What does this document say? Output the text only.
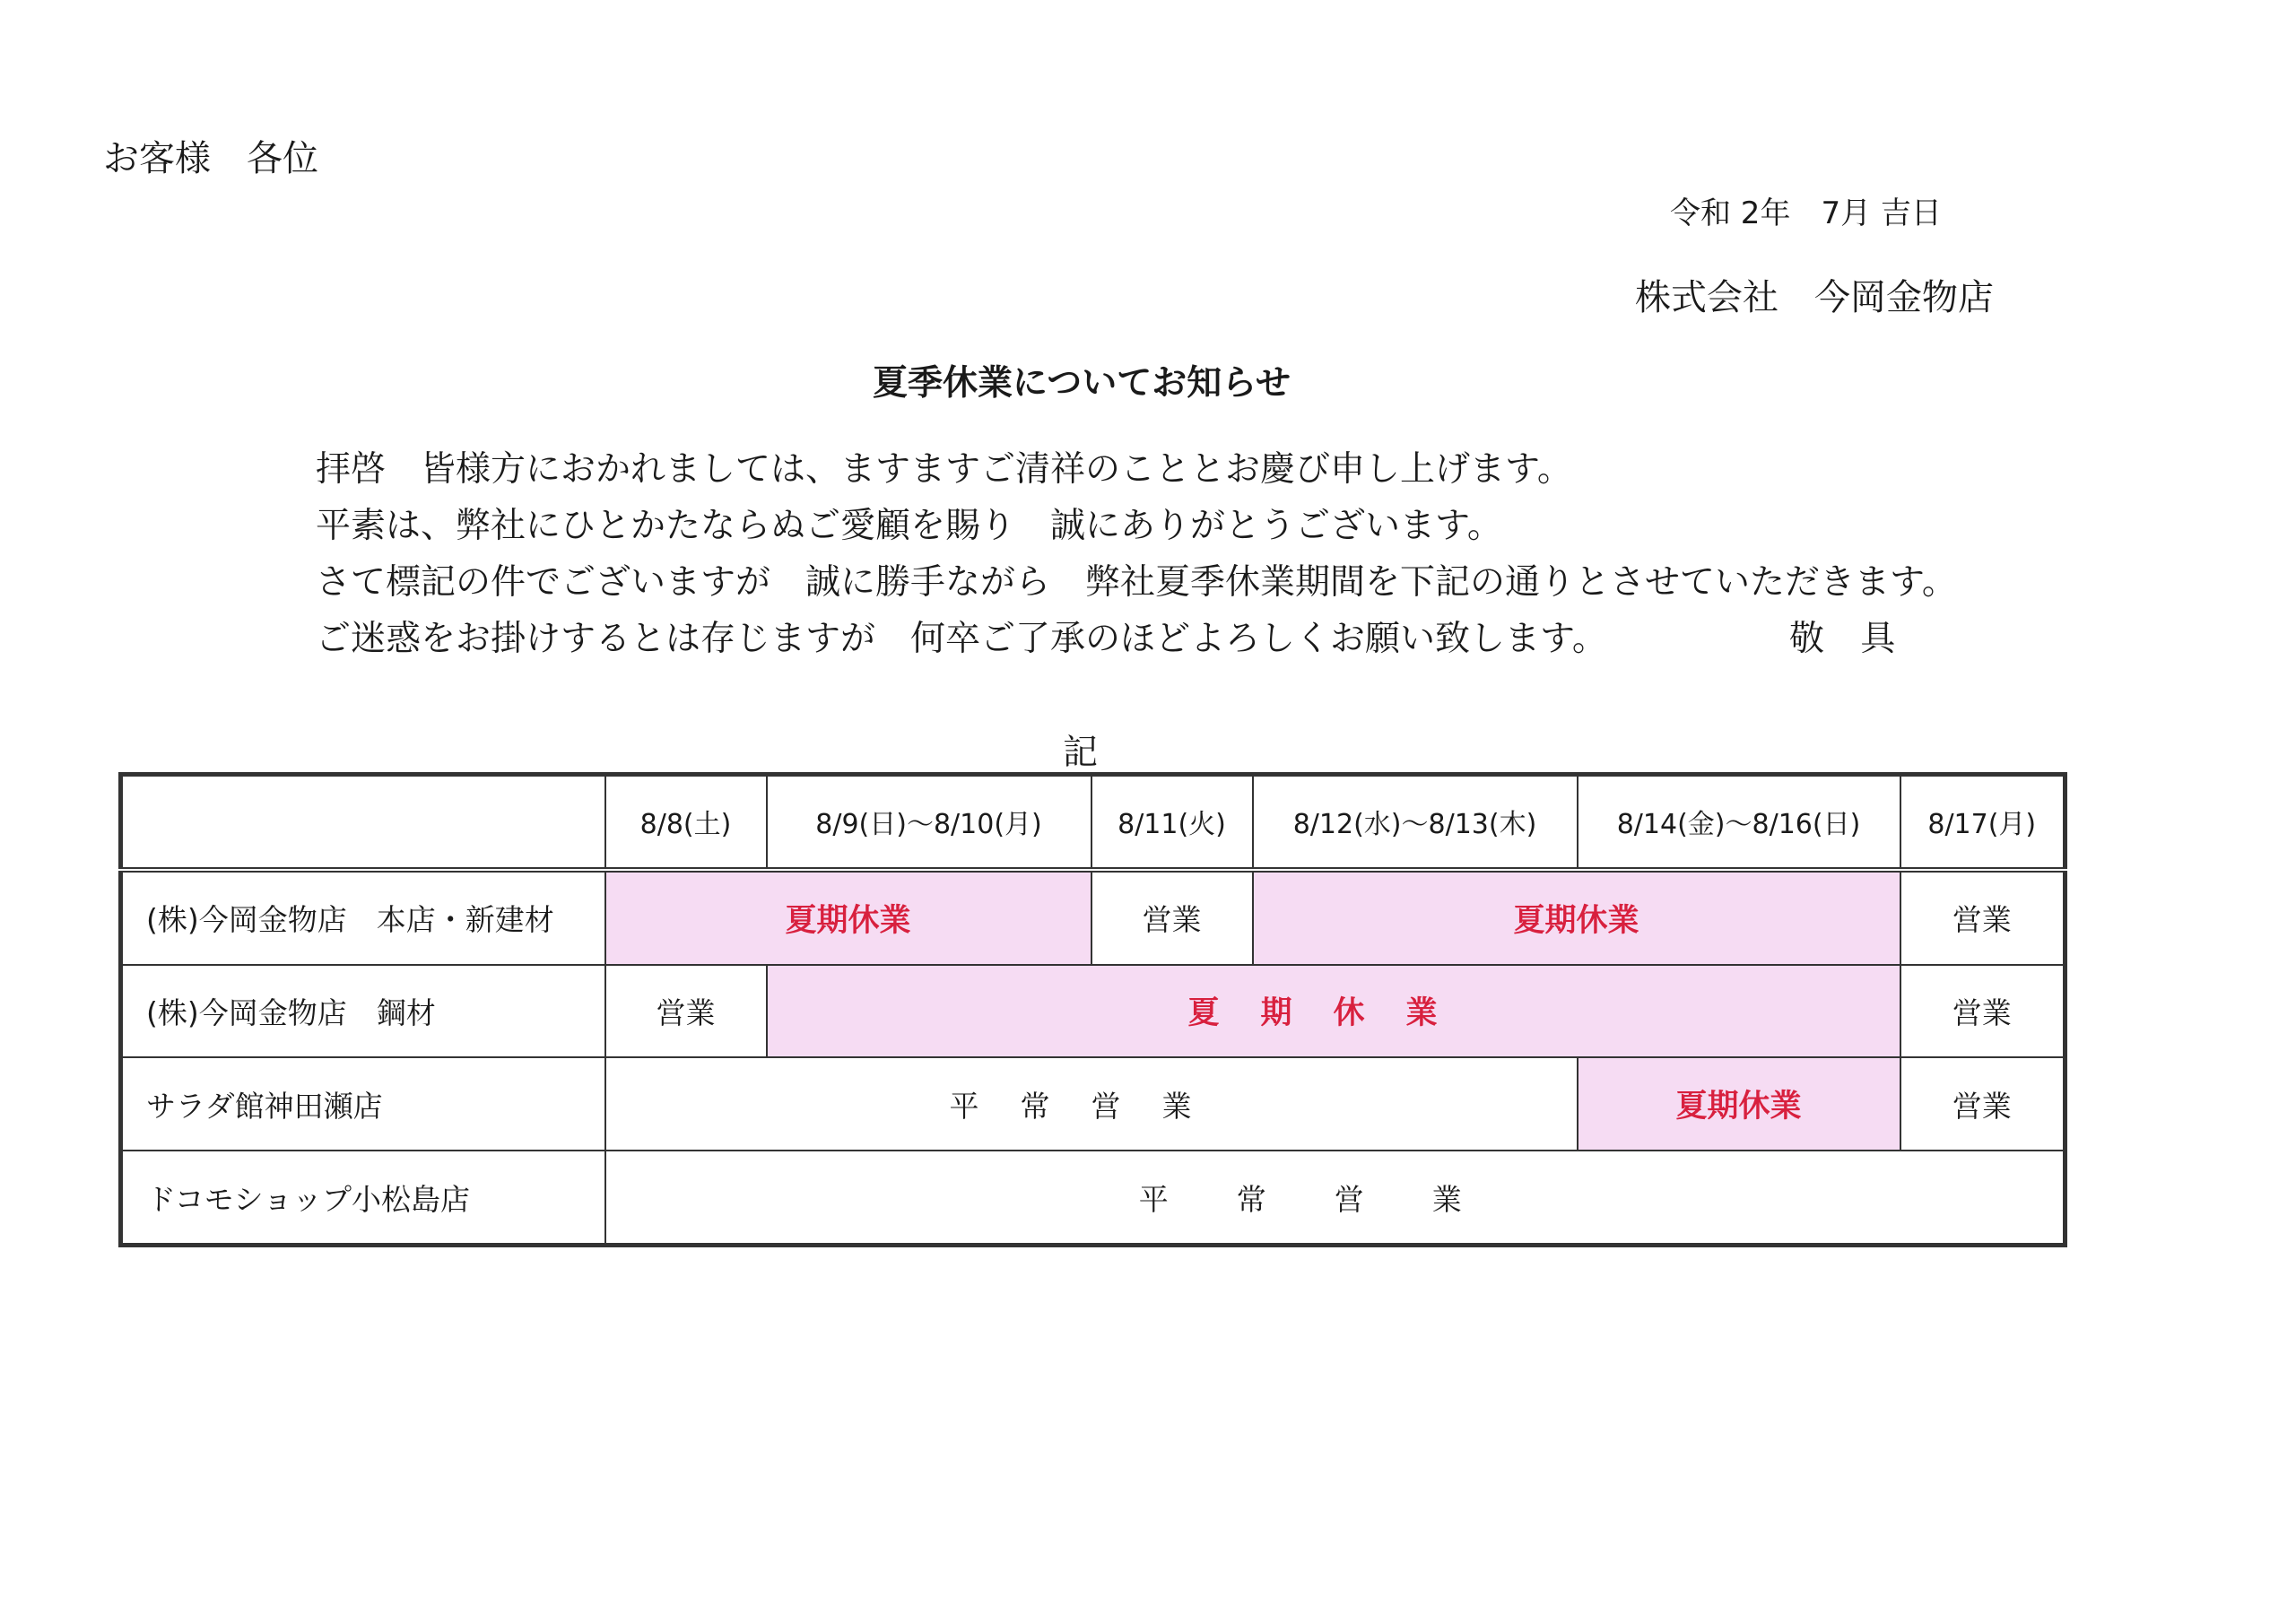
お客様　各位
令和 2年　7月 吉日
株式会社　今岡金物店
夏季休業についてお知らせ
拝啓　皆様方におかれましては、ますますご清祥のこととお慶び申し上げます。
平素は、弊社にひとかたならぬご愛顧を賜り　誠にありがとうございます。
さて標記の件でございますが　誠に勝手ながら　弊社夏季休業期間を下記の通りとさせていただきます。
ご迷惑をお掛けするとは存じますが　何卒ご了承のほどよろしくお願い致します。	敬 具
記
	8/8(土)	8/9(日)～8/10(月)	8/11(火)	8/12(水)～8/13(木)	8/14(金)～8/16(日)	8/17(月)
(株)今岡金物店　本店・新建材	夏期休業		営業	夏期休業		営業
(株)今岡金物店　鋼材	営業	夏期休業				営業
サラダ館神田瀬店	平常営業				夏期休業	営業
ドコモショップ小松島店	平常営業					
